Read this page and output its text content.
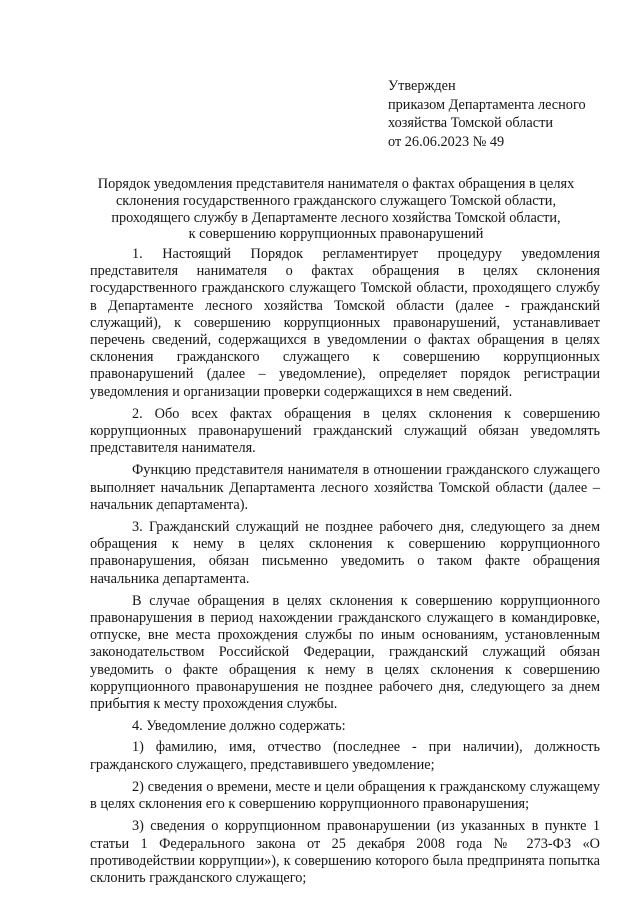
Утвержден
приказом Департамента лесного
хозяйства Томской области
от 26.06.2023 № 49
Порядок уведомления представителя нанимателя о фактах обращения в целях
склонения государственного гражданского служащего Томской области,
проходящего службу в Департаменте лесного хозяйства Томской области,
к совершению коррупционных правонарушений

1. Настоящий Порядок регламентирует процедуру уведомления представителя нанимателя о фактах обращения в целях склонения государственного гражданского служащего Томской области, проходящего службу в Департаменте лесного хозяйства Томской области (далее - гражданский служащий), к совершению коррупционных правонарушений, устанавливает перечень сведений, содержащихся в уведомлении о фактах обращения в целях склонения гражданского служащего к совершению коррупционных правонарушений (далее – уведомление), определяет порядок регистрации уведомления и организации проверки содержащихся в нем сведений.

2. Обо всех фактах обращения в целях склонения к совершению коррупционных правонарушений гражданский служащий обязан уведомлять представителя нанимателя.

Функцию представителя нанимателя в отношении гражданского служащего выполняет начальник Департамента лесного хозяйства Томской области (далее – начальник департамента).

3. Гражданский служащий не позднее рабочего дня, следующего за днем обращения к нему в целях склонения к совершению коррупционного правонарушения, обязан письменно уведомить о таком факте обращения начальника департамента.

В случае обращения в целях склонения к совершению коррупционного правонарушения в период нахождении гражданского служащего в командировке, отпуске, вне места прохождения службы по иным основаниям, установленным законодательством Российской Федерации, гражданский служащий обязан уведомить о факте обращения к нему в целях склонения к совершению коррупционного правонарушения не позднее рабочего дня, следующего за днем прибытия к месту прохождения службы.

4. Уведомление должно содержать:

1) фамилию, имя, отчество (последнее - при наличии), должность гражданского служащего, представившего уведомление;

2) сведения о времени, месте и цели обращения к гражданскому служащему в целях склонения его к совершению коррупционного правонарушения;

3) сведения о коррупционном правонарушении (из указанных в пункте 1 статьи 1 Федерального закона от 25 декабря 2008 года № 273-ФЗ «О противодействии коррупции»), к совершению которого была предпринята попытка склонить гражданского служащего;
